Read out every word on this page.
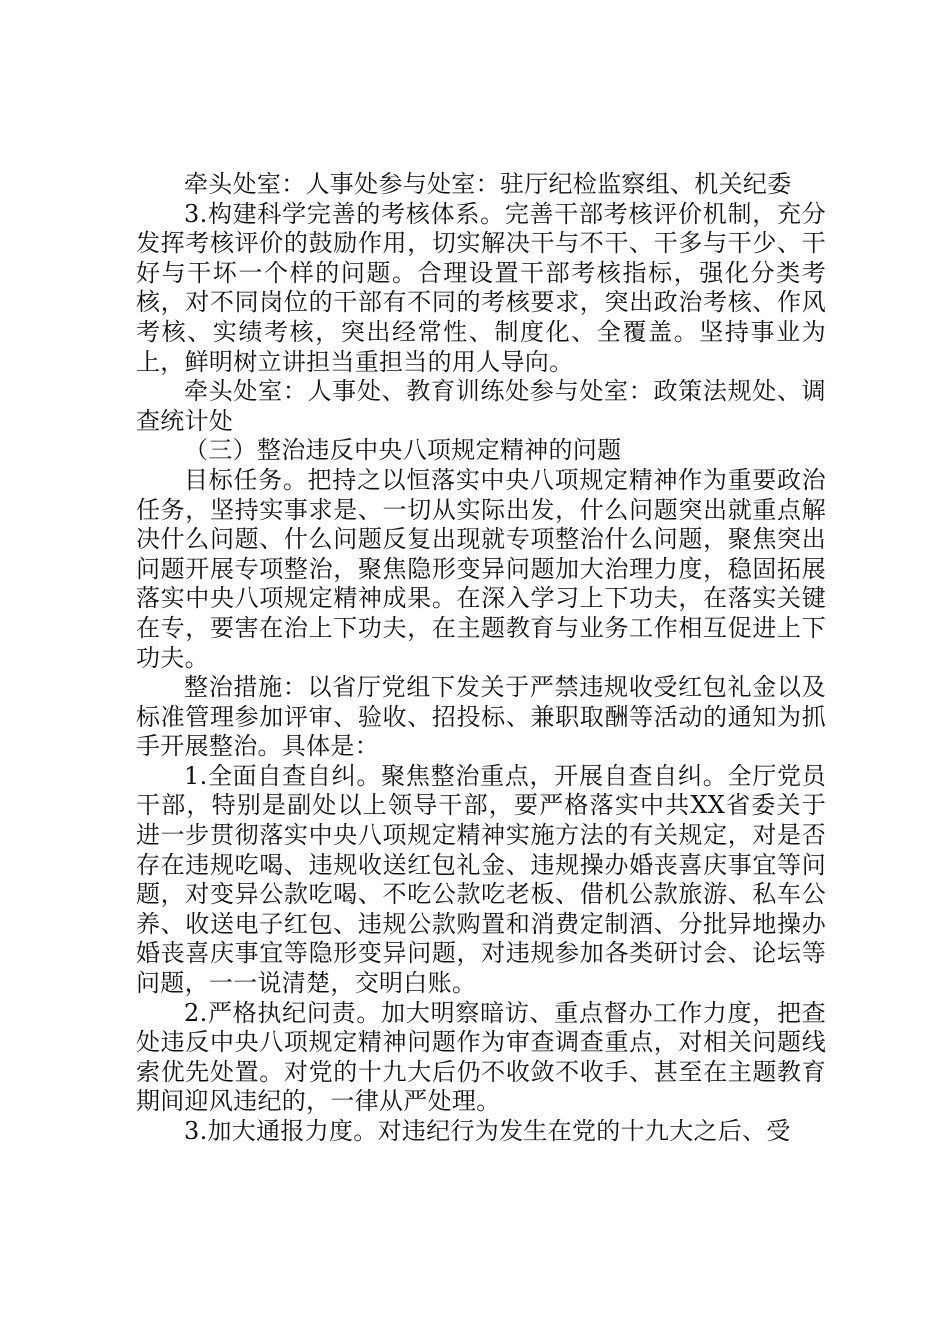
牵头处室：人事处参与处室：驻厅纪检监察组、机关纪委

3.构建科学完善的考核体系。完善干部考核评价机制，充分发挥考核评价的鼓励作用，切实解决干与不干、干多与干少、干好与干坏一个样的问题。合理设置干部考核指标，强化分类考核，对不同岗位的干部有不同的考核要求，突出政治考核、作风考核、实绩考核，突出经常性、制度化、全覆盖。坚持事业为上，鲜明树立讲担当重担当的用人导向。

牵头处室：人事处、教育训练处参与处室：政策法规处、调查统计处

（三）整治违反中央八项规定精神的问题

目标任务。把持之以恒落实中央八项规定精神作为重要政治任务，坚持实事求是、一切从实际出发，什么问题突出就重点解决什么问题、什么问题反复出现就专项整治什么问题，聚焦突出问题开展专项整治，聚焦隐形变异问题加大治理力度，稳固拓展落实中央八项规定精神成果。在深入学习上下功夫，在落实关键在专，要害在治上下功夫，在主题教育与业务工作相互促进上下功夫。

整治措施：以省厅党组下发关于严禁违规收受红包礼金以及标准管理参加评审、验收、招投标、兼职取酬等活动的通知为抓手开展整治。具体是：

1.全面自查自纠。聚焦整治重点，开展自查自纠。全厅党员干部，特别是副处以上领导干部，要严格落实中共XX省委关于进一步贯彻落实中央八项规定精神实施方法的有关规定，对是否存在违规吃喝、违规收送红包礼金、违规操办婚丧喜庆事宜等问题，对变异公款吃喝、不吃公款吃老板、借机公款旅游、私车公养、收送电子红包、违规公款购置和消费定制酒、分批异地操办婚丧喜庆事宜等隐形变异问题，对违规参加各类研讨会、论坛等问题，一一说清楚，交明白账。

2.严格执纪问责。加大明察暗访、重点督办工作力度，把查处违反中央八项规定精神问题作为审查调查重点，对相关问题线索优先处置。对党的十九大后仍不收敛不收手、甚至在主题教育期间迎风违纪的，一律从严处理。

3.加大通报力度。对违纪行为发生在党的十九大之后、受
